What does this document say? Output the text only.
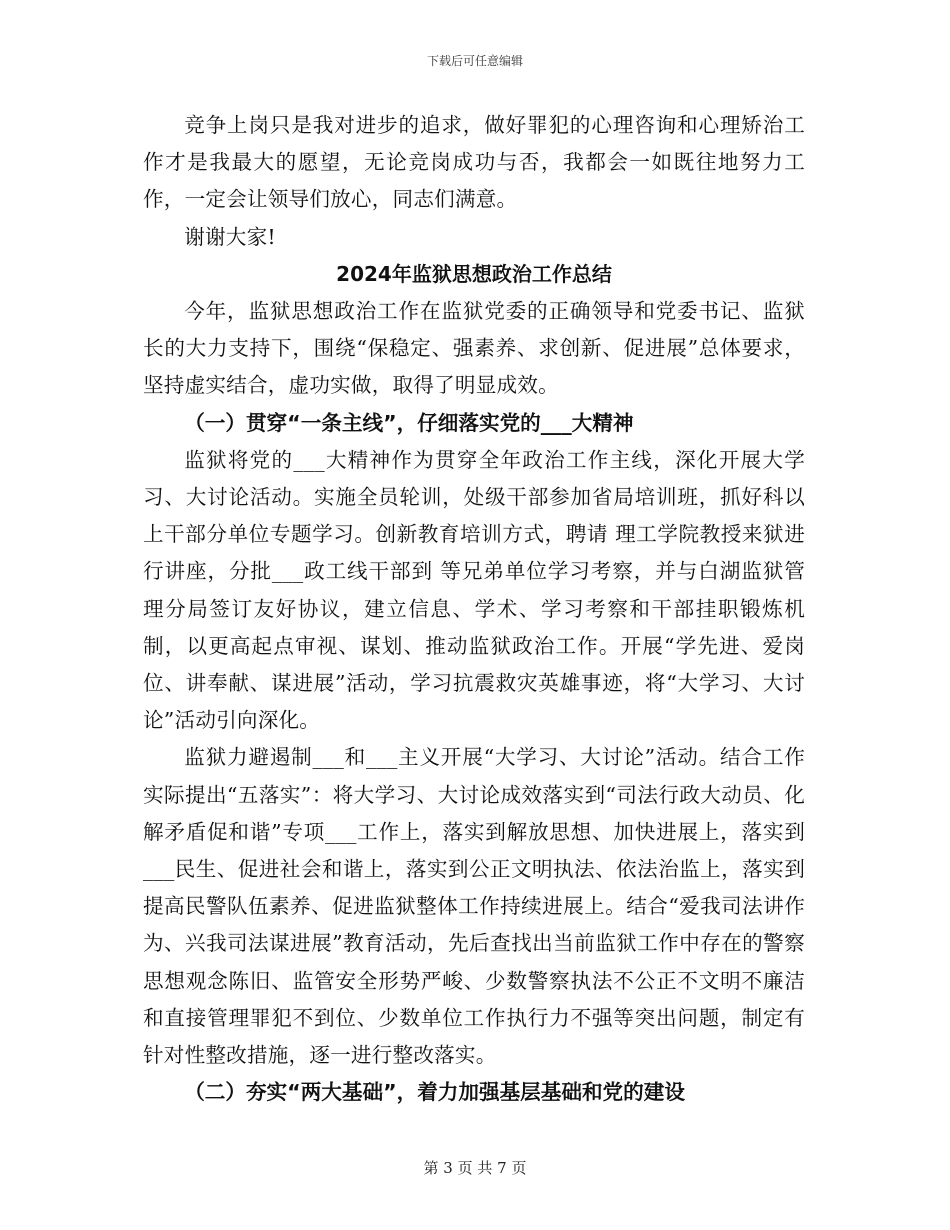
下载后可任意编辑

竞争上岗只是我对进步的追求，做好罪犯的心理咨询和心理矫治工作才是我最大的愿望，无论竞岗成功与否，我都会一如既往地努力工作，一定会让领导们放心，同志们满意。

谢谢大家!

2024年监狱思想政治工作总结

今年，监狱思想政治工作在监狱党委的正确领导和党委书记、监狱长的大力支持下，围绕“保稳定、强素养、求创新、促进展”总体要求，坚持虚实结合，虚功实做，取得了明显成效。

（一）贯穿“一条主线”，仔细落实党的___大精神

监狱将党的___大精神作为贯穿全年政治工作主线，深化开展大学习、大讨论活动。实施全员轮训，处级干部参加省局培训班，抓好科以上干部分单位专题学习。创新教育培训方式，聘请 理工学院教授来狱进行讲座，分批___政工线干部到 等兄弟单位学习考察，并与白湖监狱管理分局签订友好协议，建立信息、学术、学习考察和干部挂职锻炼机制，以更高起点审视、谋划、推动监狱政治工作。开展“学先进、爱岗位、讲奉献、谋进展”活动，学习抗震救灾英雄事迹，将“大学习、大讨论”活动引向深化。

监狱力避遏制___和___主义开展“大学习、大讨论”活动。结合工作实际提出“五落实”：将大学习、大讨论成效落实到“司法行政大动员、化解矛盾促和谐”专项___工作上，落实到解放思想、加快进展上，落实到___民生、促进社会和谐上，落实到公正文明执法、依法治监上，落实到提高民警队伍素养、促进监狱整体工作持续进展上。结合“爱我司法讲作为、兴我司法谋进展”教育活动，先后查找出当前监狱工作中存在的警察思想观念陈旧、监管安全形势严峻、少数警察执法不公正不文明不廉洁和直接管理罪犯不到位、少数单位工作执行力不强等突出问题，制定有针对性整改措施，逐一进行整改落实。

（二）夯实“两大基础”，着力加强基层基础和党的建设

第 3 页 共 7 页
